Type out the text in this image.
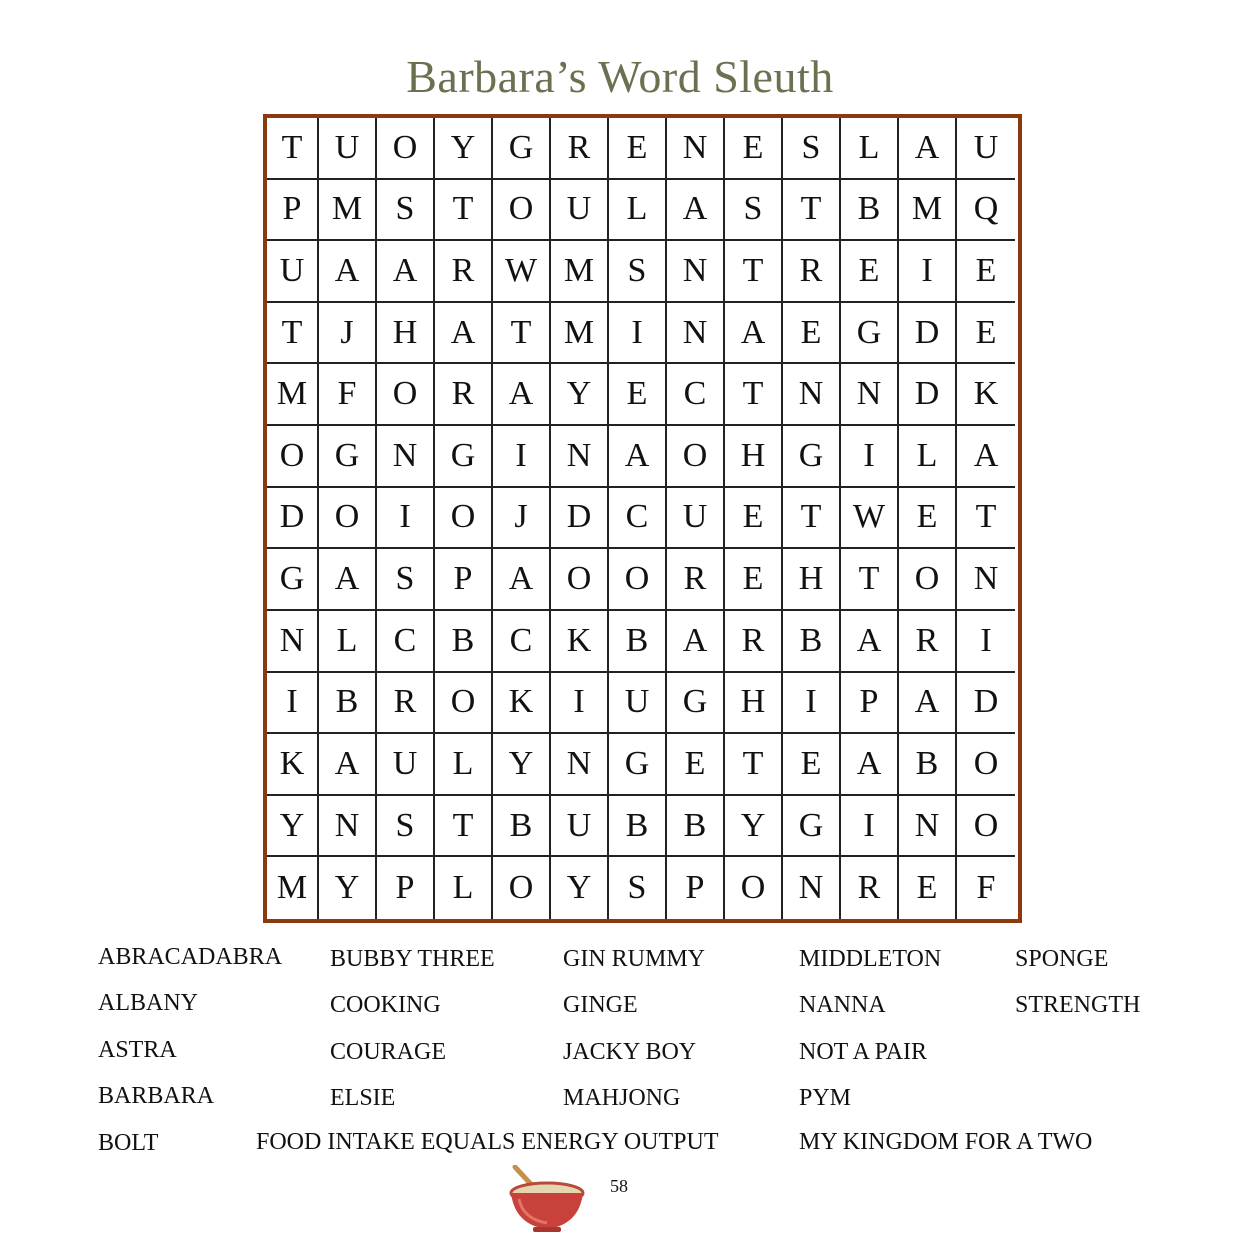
Barbara’s Word Sleuth
T U O Y G	R	E	N	E	S	L	A	U
P M S	T	O U	L	A	S	T	B M Q
U A A	R W M S	N	T	R	E	I	E
T	J	H A	T M	I	N A	E	G D	E
M F	O	R	A Y	E	C	T	N N D	K
O G N G	I	N A O H G	I	L	A
D O	I	O	J	D	C	U	E	T W E	T
G A	S	P	A O O	R	E	H	T	O	N
N L	C	B	C	K	B	A	R	B	A	R	I
I	B	R	O K	I	U G H	I	P	A	D
K A U	L	Y N G	E	T	E	A	B	O
Y N	S	T	B	U	B	B	Y G	I	N	O
M Y	P	L	O Y	S	P	O N	R	E	F
ABRACADABRA
ALBANY
ASTRA
BARBARA
BOLT
BUBBY THREE
COOKING
COURAGE
ELSIE
FOOD INTAKE EQUALS ENERGY OUTPUT
GIN RUMMY
GINGE
JACKY BOY
MAHJONG
MIDDLETON
NANNA
NOT A PAIR
PYM
MY KINGDOM FOR A TWO
SPONGE
STRENGTH
58
